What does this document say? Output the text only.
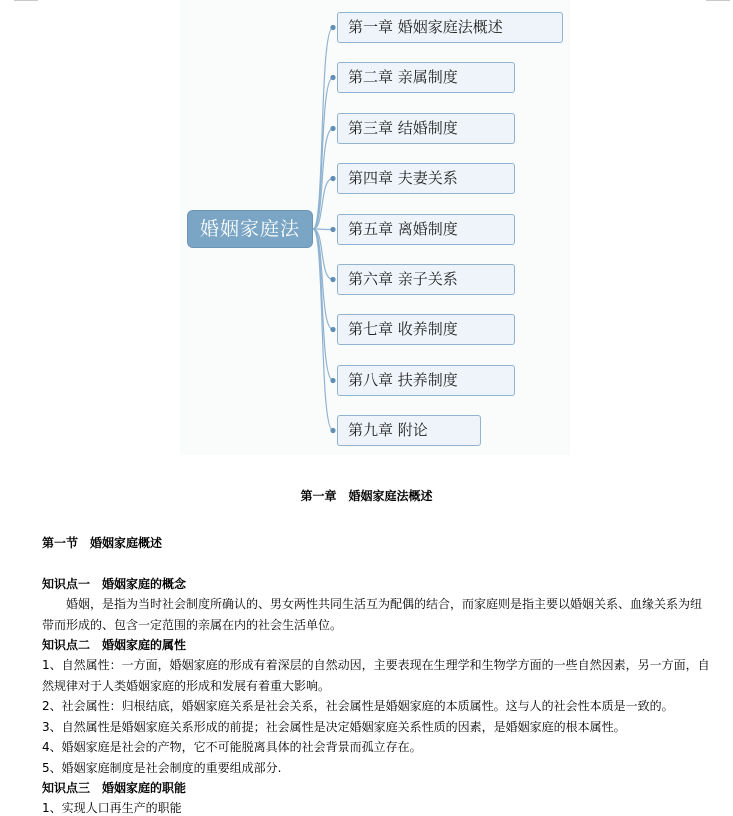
婚姻家庭法
第一章 婚姻家庭法概述
第二章 亲属制度
第三章 结婚制度
第四章 夫妻关系
第五章 离婚制度
第六章 亲子关系
第七章 收养制度
第八章 扶养制度
第九章 附论
第一章　婚姻家庭法概述
第一节　婚姻家庭概述
知识点一　婚姻家庭的概念
　　婚姻，是指为当时社会制度所确认的、男女两性共同生活互为配偶的结合，而家庭则是指主要以婚姻关系、血缘关系为纽
带而形成的、包含一定范围的亲属在内的社会生活单位。
知识点二　婚姻家庭的属性
1、自然属性：一方面，婚姻家庭的形成有着深层的自然动因，主要表现在生理学和生物学方面的一些自然因素，另一方面，自
然规律对于人类婚姻家庭的形成和发展有着重大影响。
2、社会属性：归根结底，婚姻家庭关系是社会关系，社会属性是婚姻家庭的本质属性。这与人的社会性本质是一致的。
3、自然属性是婚姻家庭关系形成的前提；社会属性是决定婚姻家庭关系性质的因素，是婚姻家庭的根本属性。
4、婚姻家庭是社会的产物，它不可能脱离具体的社会背景而孤立存在。
5、婚姻家庭制度是社会制度的重要组成部分.
知识点三　婚姻家庭的职能
1、实现人口再生产的职能
